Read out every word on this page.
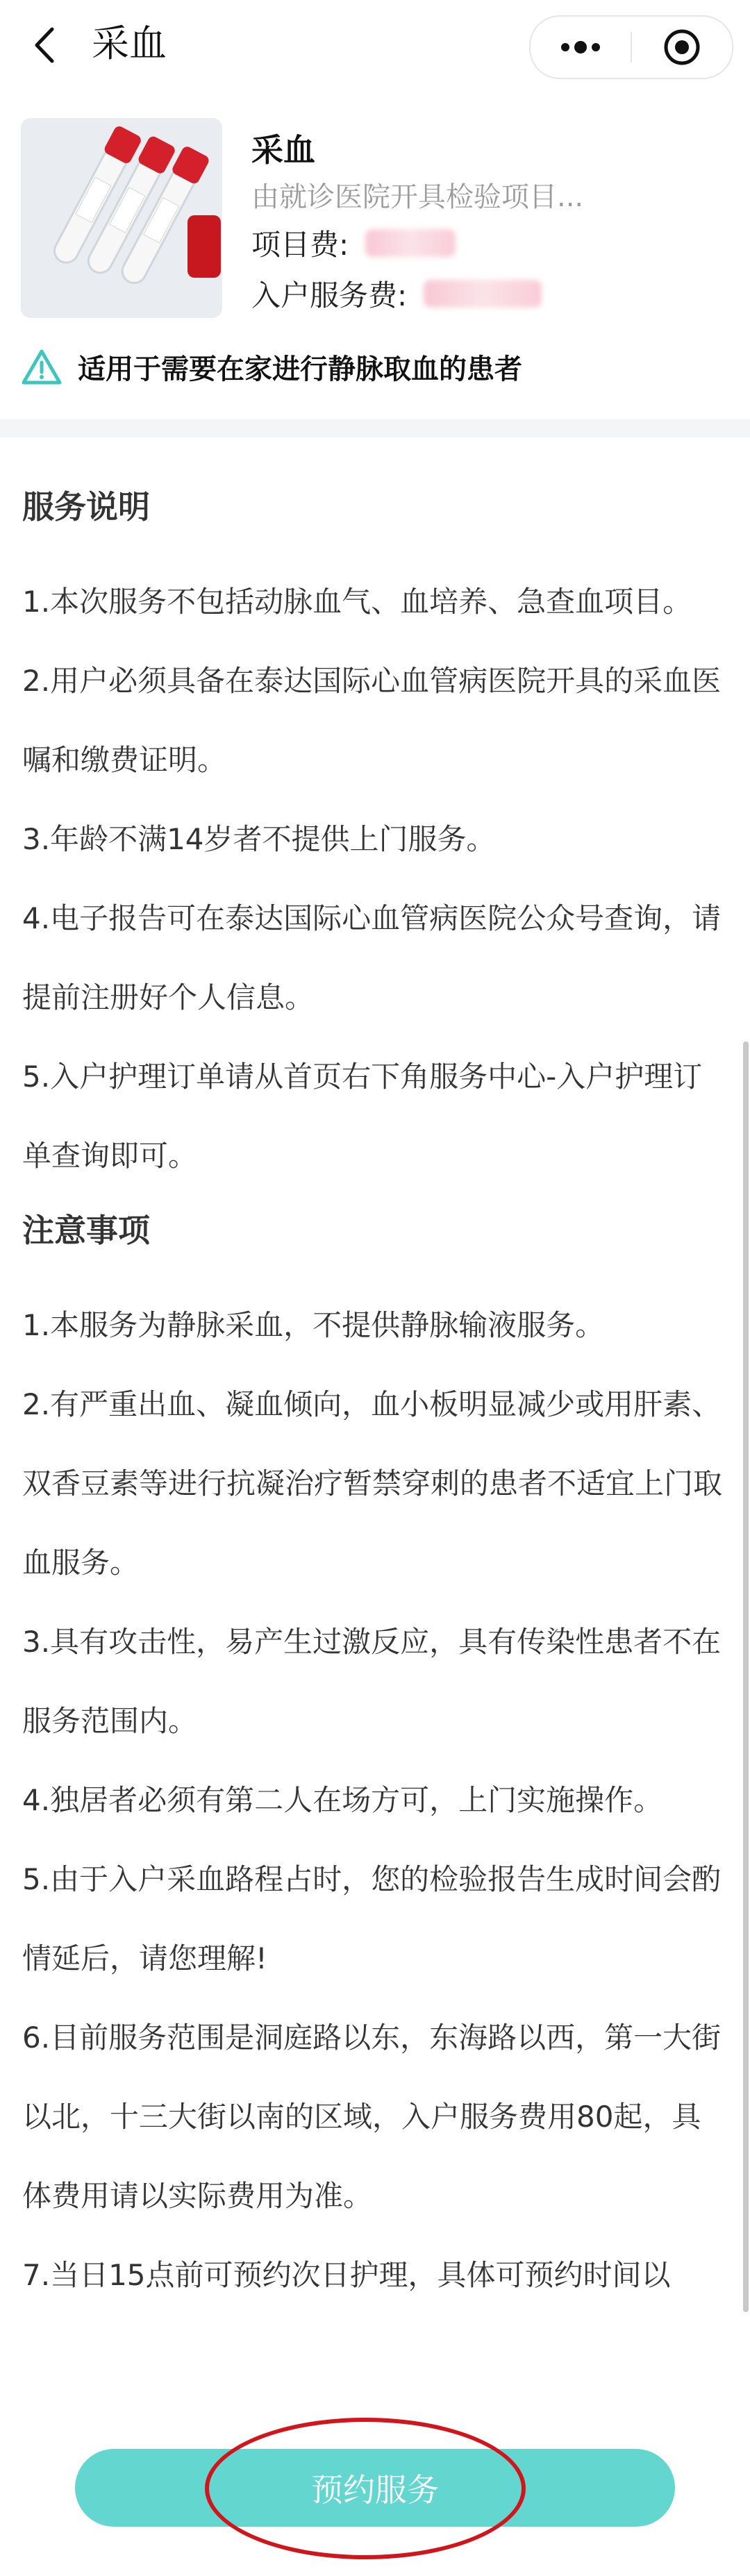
采血
采血
由就诊医院开具检验项目...
项目费:
入户服务费:
适用于需要在家进行静脉取血的患者
服务说明

1.本次服务不包括动脉血气、血培养、急查血项目。

2.用户必须具备在泰达国际心血管病医院开具的采血医嘱和缴费证明。

3.年龄不满14岁者不提供上门服务。

4.电子报告可在泰达国际心血管病医院公众号查询，请提前注册好个人信息。

5.入户护理订单请从首页右下角服务中心-入户护理订单查询即可。

注意事项

1.本服务为静脉采血，不提供静脉输液服务。

2.有严重出血、凝血倾向，血小板明显减少或用肝素、双香豆素等进行抗凝治疗暂禁穿刺的患者不适宜上门取血服务。

3.具有攻击性，易产生过激反应，具有传染性患者不在服务范围内。

4.独居者必须有第二人在场方可，上门实施操作。

5.由于入户采血路程占时，您的检验报告生成时间会酌情延后，请您理解!

6.目前服务范围是洞庭路以东，东海路以西，第一大街以北，十三大街以南的区域，入户服务费用80起，具体费用请以实际费用为准。

7.当日15点前可预约次日护理，具体可预约时间以

预约服务
